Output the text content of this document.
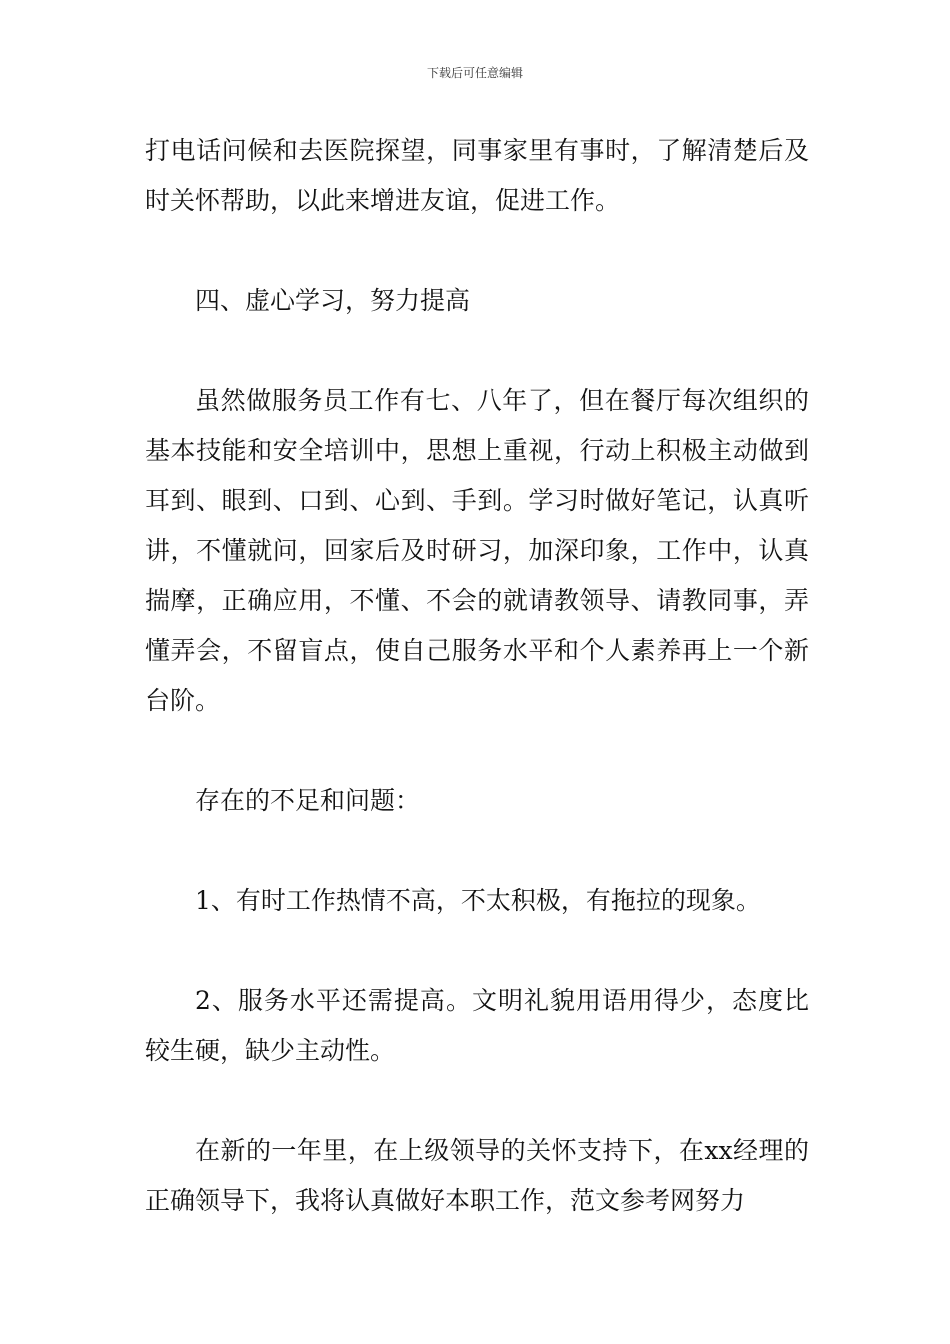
下载后可任意编辑

打电话问候和去医院探望，同事家里有事时，了解清楚后及时关怀帮助，以此来增进友谊，促进工作。

四、虚心学习，努力提高

虽然做服务员工作有七、八年了，但在餐厅每次组织的基本技能和安全培训中，思想上重视，行动上积极主动做到耳到、眼到、口到、心到、手到。学习时做好笔记，认真听讲，不懂就问，回家后及时研习，加深印象，工作中，认真揣摩，正确应用，不懂、不会的就请教领导、请教同事，弄懂弄会，不留盲点，使自己服务水平和个人素养再上一个新台阶。

存在的不足和问题：

1、有时工作热情不高，不太积极，有拖拉的现象。

2、服务水平还需提高。文明礼貌用语用得少，态度比较生硬，缺少主动性。

在新的一年里，在上级领导的关怀支持下，在xx经理的正确领导下，我将认真做好本职工作，范文参考网努力
